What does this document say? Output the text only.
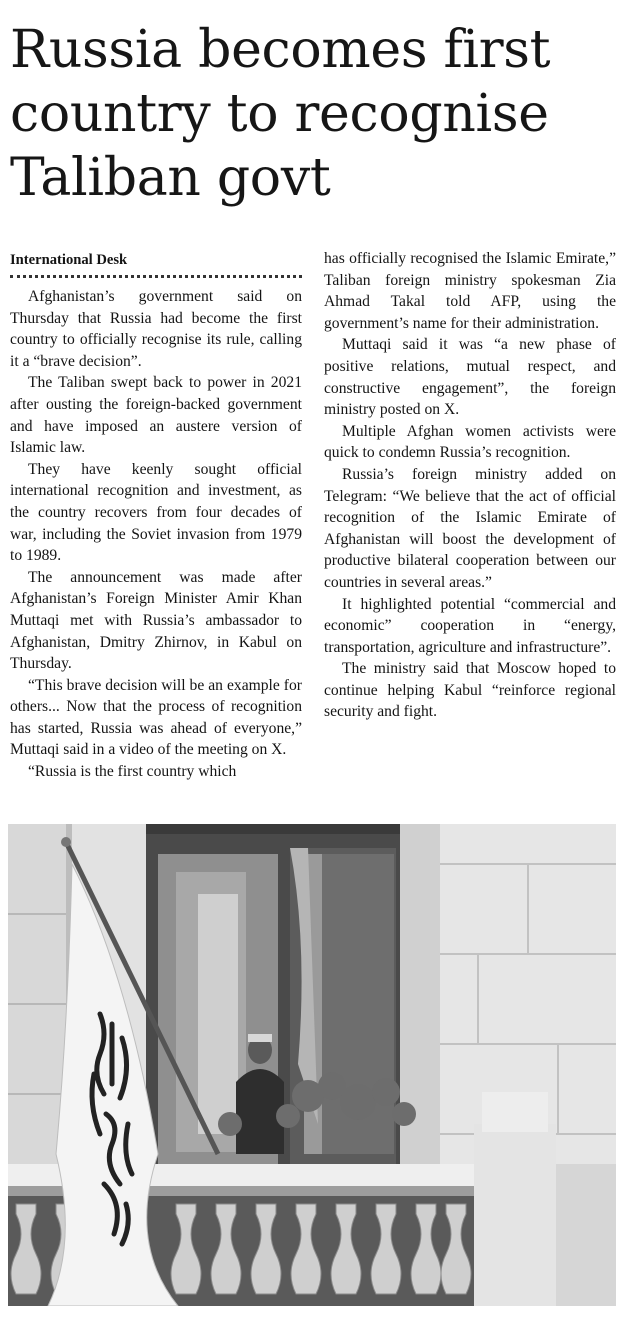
Russia becomes first country to recognise Taliban govt
International Desk

Afghanistan’s government said on Thursday that Russia had become the first country to officially recognise its rule, calling it a “brave decision”.

The Taliban swept back to power in 2021 after ousting the foreign-backed government and have imposed an austere version of Islamic law.

They have keenly sought official international recognition and investment, as the country recovers from four decades of war, including the Soviet invasion from 1979 to 1989.

The announcement was made after Afghanistan’s Foreign Minister Amir Khan Muttaqi met with Russia’s ambassador to Afghanistan, Dmitry Zhirnov, in Kabul on Thursday.

“This brave decision will be an example for others... Now that the process of recognition has started, Russia was ahead of everyone,” Muttaqi said in a video of the meeting on X.

“Russia is the first country which

has officially recognised the Islamic Emirate,” Taliban foreign ministry spokesman Zia Ahmad Takal told AFP, using the government’s name for their administration.

Muttaqi said it was “a new phase of positive relations, mutual respect, and constructive engagement”, the foreign ministry posted on X.

Multiple Afghan women activists were quick to condemn Russia’s recognition.

Russia’s foreign ministry added on Telegram: “We believe that the act of official recognition of the Islamic Emirate of Afghanistan will boost the development of productive bilateral cooperation between our countries in several areas.”

It highlighted potential “commercial and economic” cooperation in “energy, transportation, agriculture and infrastructure”.

The ministry said that Moscow hoped to continue helping Kabul “reinforce regional security and fight.
